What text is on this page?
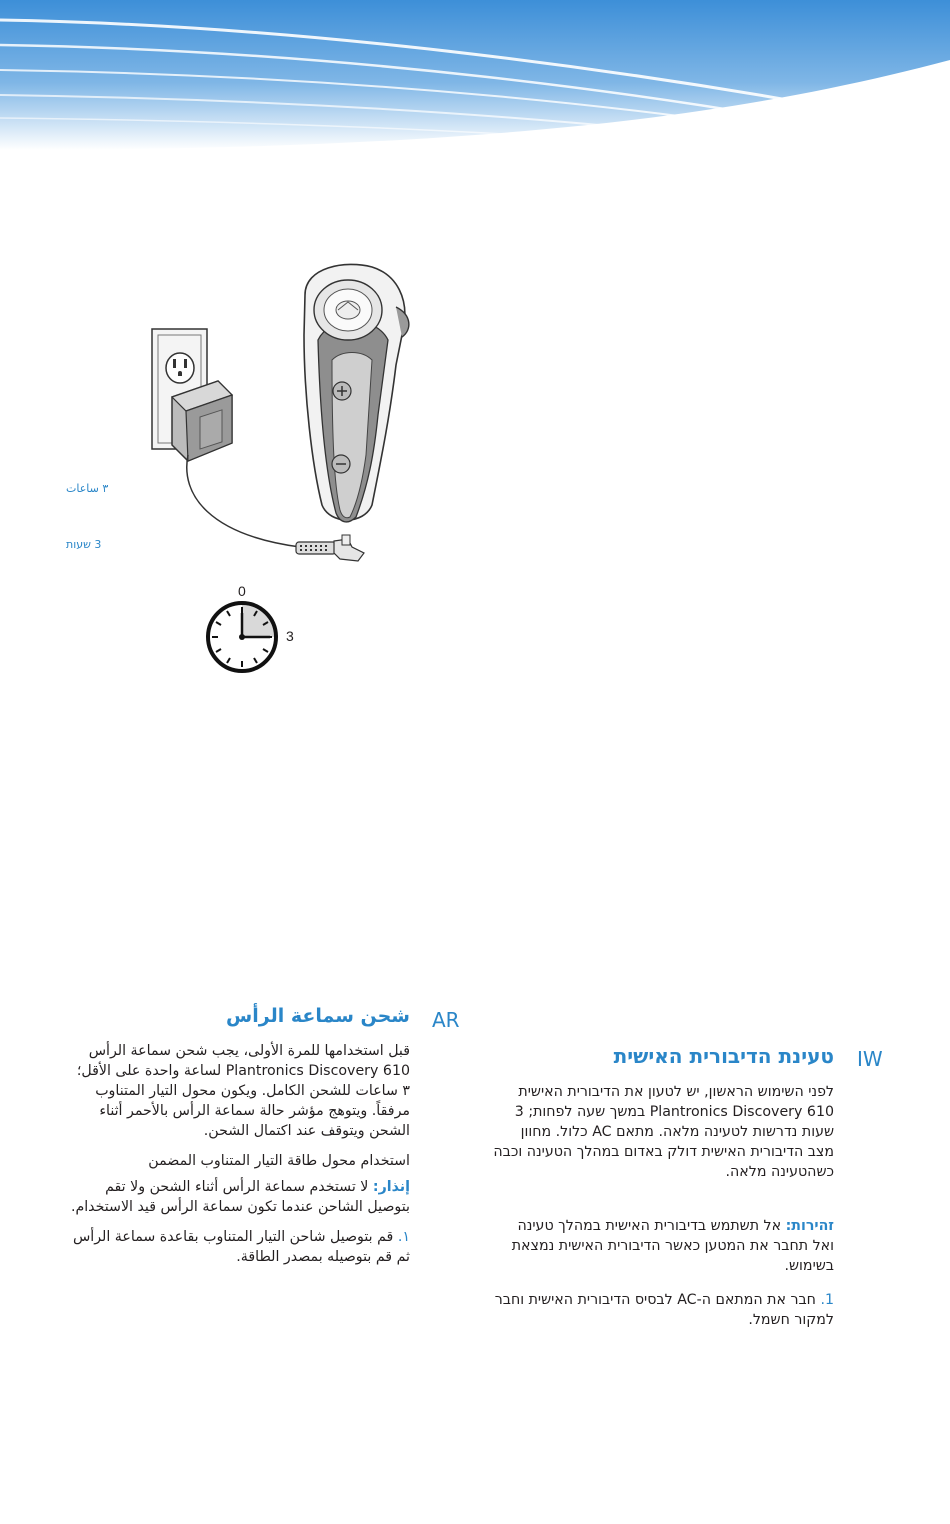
٣ ساعات
3 שעות
0
3
AR
شحن سماعة الرأس

قبل استخدامها للمرة الأولى، يجب شحن سماعة الرأس Plantronics Discovery 610 لساعة واحدة على الأقل؛ ٣ ساعات للشحن الكامل. ويكون محول التيار المتناوب مرفقاً. ويتوهج مؤشر حالة سماعة الرأس بالأحمر أثناء الشحن ويتوقف عند اكتمال الشحن.

استخدام محول طاقة التيار المتناوب المضمن

إنذار: لا تستخدم سماعة الرأس أثناء الشحن ولا تقم بتوصيل الشاحن عندما تكون سماعة الرأس قيد الاستخدام.

١. قم بتوصيل شاحن التيار المتناوب بقاعدة سماعة الرأس ثم قم بتوصيله بمصدر الطاقة.

IW
טעינת הדיבורית האישית

לפני השימוש הראשון, יש לטעון את הדיבורית האישית Plantronics Discovery 610 במשך שעה לפחות; 3 שעות נדרשות לטעינה מלאה. מתאם AC כלול. מחוון מצב הדיבורית האישית דולק באדום במהלך הטעינה וכבה כשהטעינה מלאה.

זהירות: אל תשתמש בדיבורית האישית במהלך טעינה ואל תחבר את המטען כאשר הדיבורית האישית נמצאת בשימוש.

1. חבר את המתאם ה-AC לבסיס הדיבורית האישית וחבר למקור חשמל.
